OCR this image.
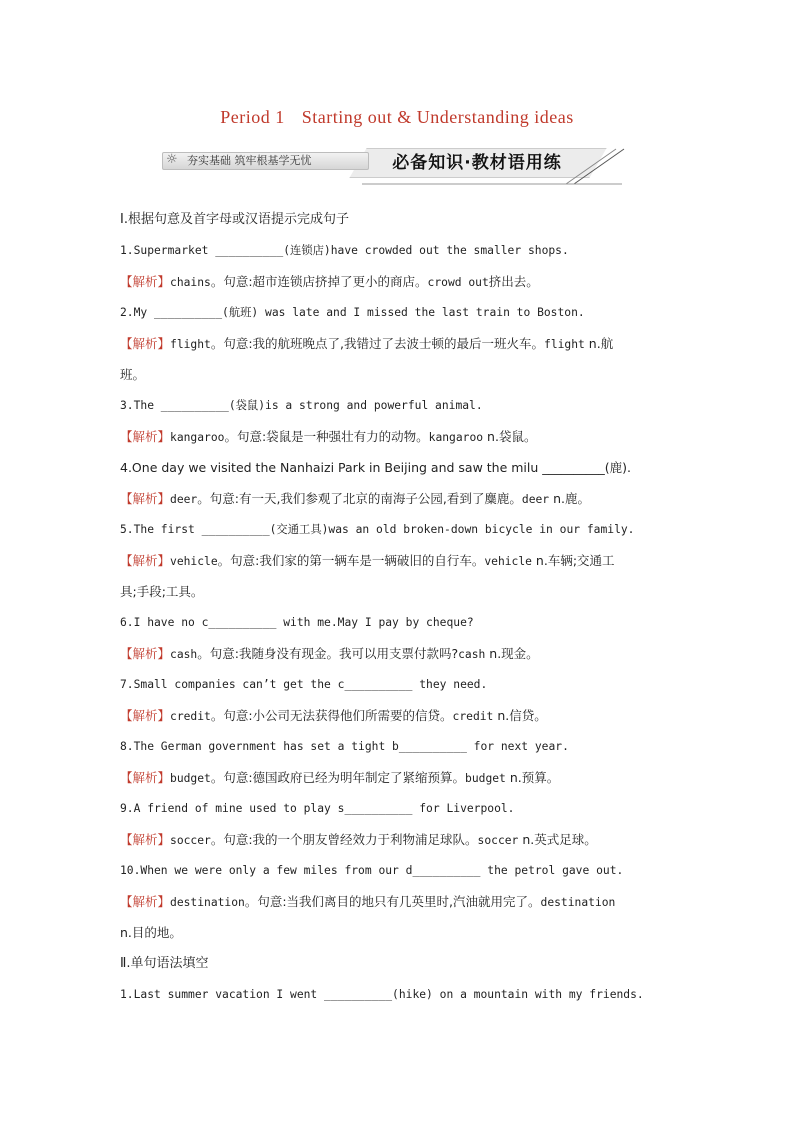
Period 1 Starting out & Understanding ideas
☼ 夯实基础 筑牢根基学无忧	必备知识·教材语用练
Ⅰ.根据句意及首字母或汉语提示完成句子
1.Supermarket __________(连锁店)have crowded out the smaller shops.
【解析】chains。句意:超市连锁店挤掉了更小的商店。crowd out挤出去。
2.My __________(航班) was late and I missed the last train to Boston.
【解析】flight。句意:我的航班晚点了,我错过了去波士顿的最后一班火车。flight n.航
班。
3.The __________(袋鼠)is a strong and powerful animal.
【解析】kangaroo。句意:袋鼠是一种强壮有力的动物。kangaroo n.袋鼠。
4.One day we visited the Nanhaizi Park in Beijing and saw the milu __________(鹿).
【解析】deer。句意:有一天,我们参观了北京的南海子公园,看到了麋鹿。deer n.鹿。
5.The first __________(交通工具)was an old broken-down bicycle in our family.
【解析】vehicle。句意:我们家的第一辆车是一辆破旧的自行车。vehicle n.车辆;交通工
具;手段;工具。
6.I have no c__________ with me.May I pay by cheque?
【解析】cash。句意:我随身没有现金。我可以用支票付款吗?cash n.现金。
7.Small companies can’t get the c__________ they need.
【解析】credit。句意:小公司无法获得他们所需要的信贷。credit n.信贷。
8.The German government has set a tight b__________ for next year.
【解析】budget。句意:德国政府已经为明年制定了紧缩预算。budget n.预算。
9.A friend of mine used to play s__________ for Liverpool.
【解析】soccer。句意:我的一个朋友曾经效力于利物浦足球队。soccer n.英式足球。
10.When we were only a few miles from our d__________ the petrol gave out.
【解析】destination。句意:当我们离目的地只有几英里时,汽油就用完了。destination
n.目的地。
Ⅱ.单句语法填空
1.Last summer vacation I went __________(hike) on a mountain with my friends.
